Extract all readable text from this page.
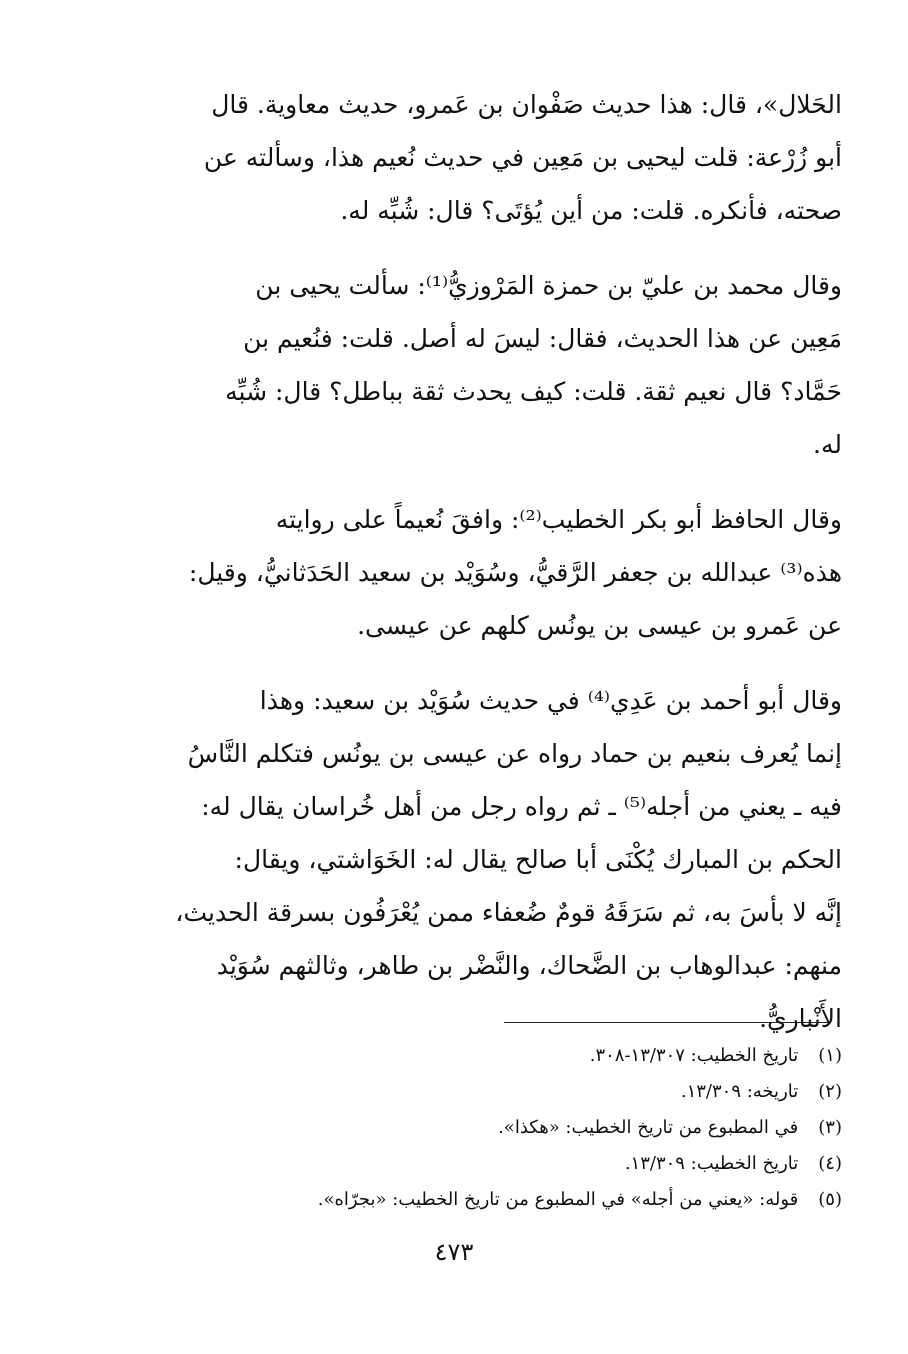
الحَلال»، قال: هذا حديث صَفْوان بن عَمرو، حديث معاوية. قال
أبو زُرْعة: قلت ليحيى بن مَعِين في حديث نُعيم هذا، وسألته عن
صحته، فأنكره. قلت: من أين يُؤتَى؟ قال: شُبِّه له.

وقال محمد بن عليّ بن حمزة المَرْوزيُّ⁽¹⁾: سألت يحيى بن
مَعِين عن هذا الحديث، فقال: ليسَ له أصل. قلت: فنُعيم بن
حَمَّاد؟ قال نعيم ثقة. قلت: كيف يحدث ثقة بباطل؟ قال: شُبِّه
له.

وقال الحافظ أبو بكر الخطيب⁽²⁾: وافقَ نُعيماً على روايته
هذه⁽³⁾ عبدالله بن جعفر الرَّقيُّ، وسُوَيْد بن سعيد الحَدَثانيُّ، وقيل:
عن عَمرو بن عيسى بن يونُس كلهم عن عيسى.

وقال أبو أحمد بن عَدِي⁽⁴⁾ في حديث سُوَيْد بن سعيد: وهذا
إنما يُعرف بنعيم بن حماد رواه عن عيسى بن يونُس فتكلم النَّاسُ
فيه ـ يعني من أجله⁽⁵⁾ ـ ثم رواه رجل من أهل خُراسان يقال له:
الحكم بن المبارك يُكْنَى أبا صالح يقال له: الخَوَاشتي، ويقال:
إنَّه لا بأسَ به، ثم سَرَقَهُ قومٌ ضُعفاء ممن يُعْرَفُون بسرقة الحديث،
منهم: عبدالوهاب بن الضَّحاك، والنَّضْر بن طاهر، وثالثهم سُوَيْد
الأَنْباريُّ.

(١) تاريخ الخطيب: ١٣/٣٠٧-٣٠٨.
(٢) تاريخه: ١٣/٣٠٩.
(٣) في المطبوع من تاريخ الخطيب: «هكذا».
(٤) تاريخ الخطيب: ١٣/٣٠٩.
(٥) قوله: «يعني من أجله» في المطبوع من تاريخ الخطيب: «بجرّاه».
٤٧٣
